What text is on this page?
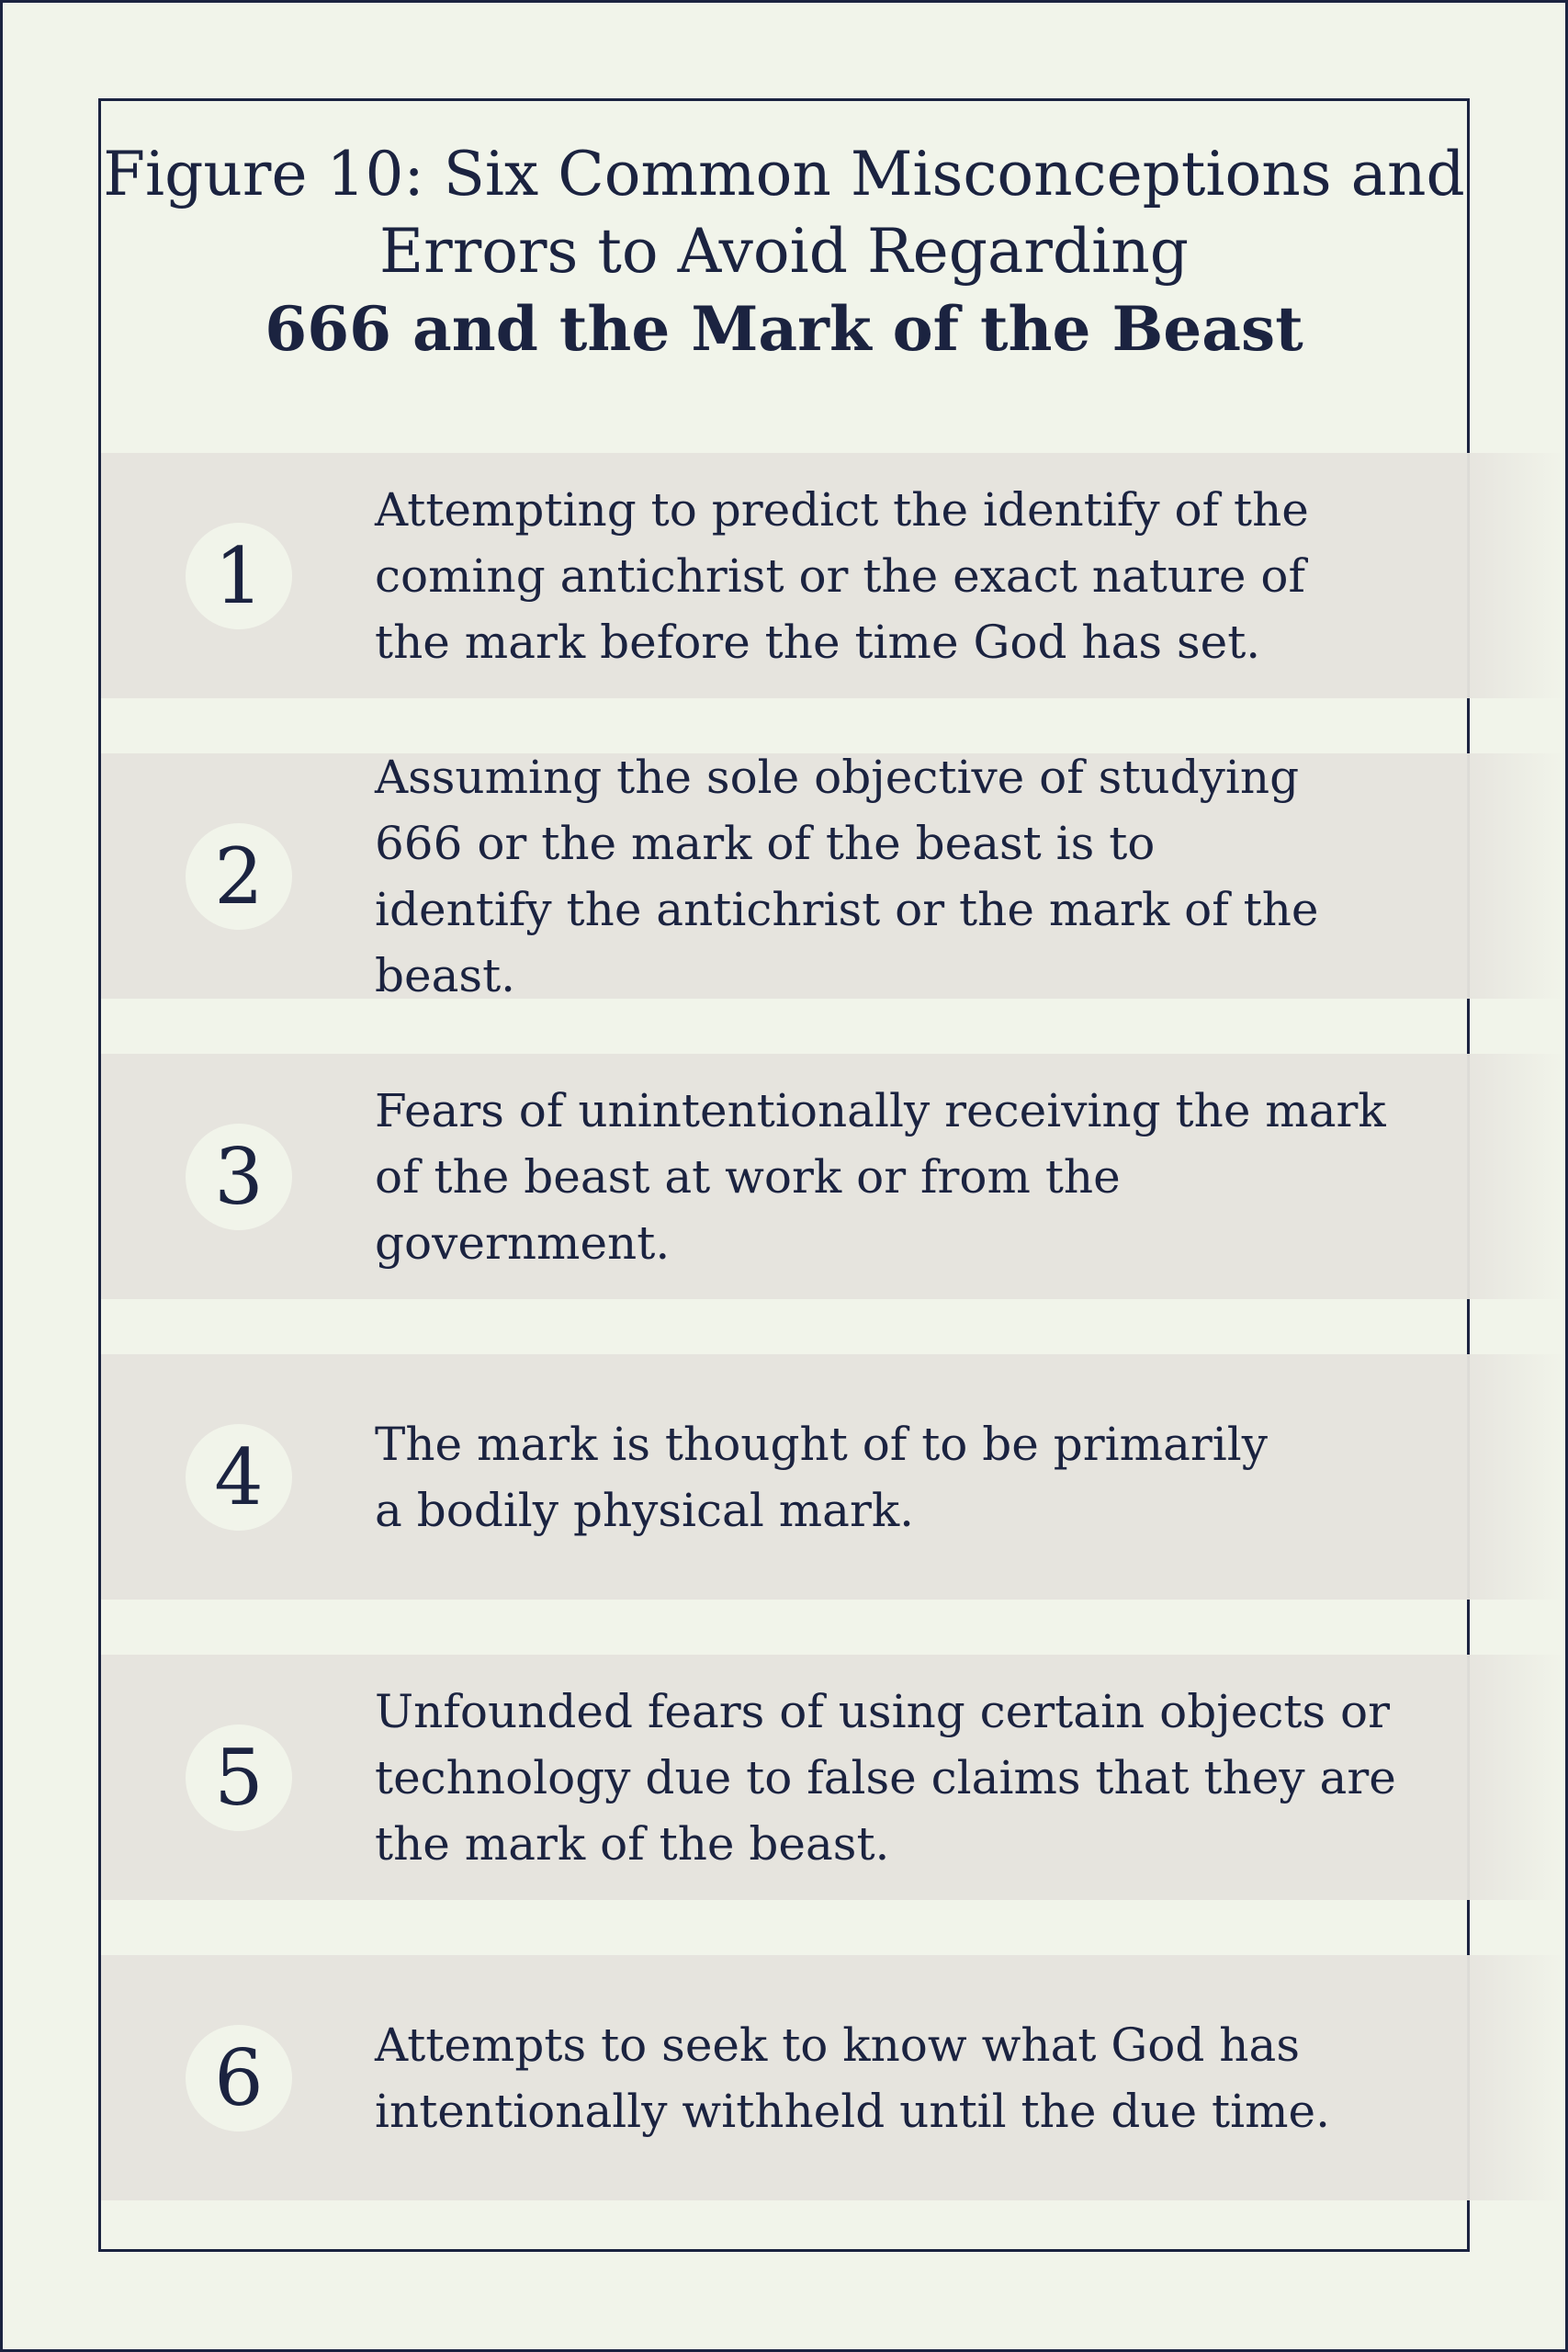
Figure 10: Six Common Misconceptions and
Errors to Avoid Regarding
666 and the Mark of the Beast
1
Attempting to predict the identify of the coming antichrist or the exact nature of the mark before the time God has set.
2
Assuming the sole objective of studying 666 or the mark of the beast is to identify the antichrist or the mark of the beast.
3
Fears of unintentionally receiving the mark of the beast at work or from the government.
4	The mark is thought of to be primarily a bodily physical mark.
5
Unfounded fears of using certain objects or technology due to false claims that they are the mark of the beast.
6	Attempts to seek to know what God has intentionally withheld until the due time.
